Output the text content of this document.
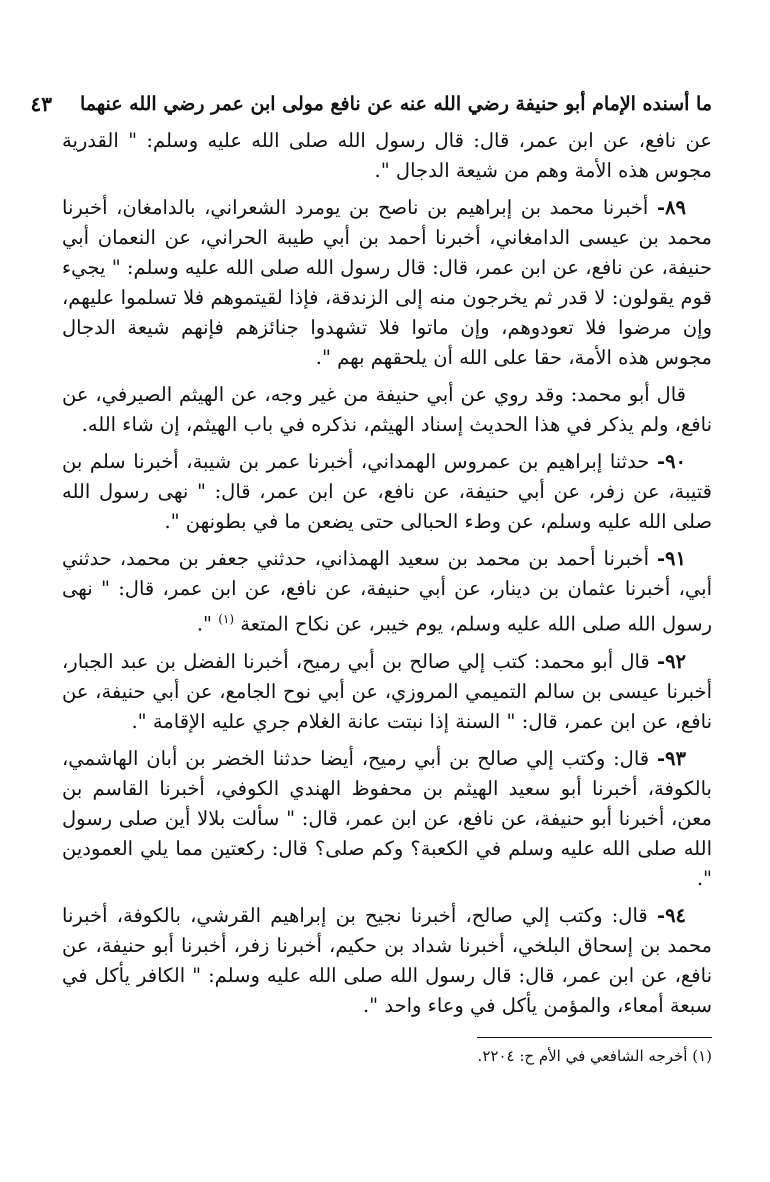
ما أسنده الإمام أبو حنيفة رضي الله عنه عن نافع مولى ابن عمر رضي الله عنهما
٤٣

عن نافع، عن ابن عمر، قال: قال رسول الله صلى الله عليه وسلم: " القدرية مجوس هذه الأمة وهم من شيعة الدجال ".

٨٩- أخبرنا محمد بن إبراهيم بن ناصح بن يومرد الشعراني، بالدامغان، أخبرنا محمد بن عيسى الدامغاني، أخبرنا أحمد بن أبي طيبة الحراني، عن النعمان أبي حنيفة، عن نافع، عن ابن عمر، قال: قال رسول الله صلى الله عليه وسلم: " يجيء قوم يقولون: لا قدر ثم يخرجون منه إلى الزندقة، فإذا لقيتموهم فلا تسلموا عليهم، وإن مرضوا فلا تعودوهم، وإن ماتوا فلا تشهدوا جنائزهم فإنهم شيعة الدجال مجوس هذه الأمة، حقا على الله أن يلحقهم بهم ".

قال أبو محمد: وقد روي عن أبي حنيفة من غير وجه، عن الهيثم الصيرفي، عن نافع، ولم يذكر في هذا الحديث إسناد الهيثم، نذكره في باب الهيثم، إن شاء الله.

٩٠- حدثنا إبراهيم بن عمروس الهمداني، أخبرنا عمر بن شيبة، أخبرنا سلم بن قتيبة، عن زفر، عن أبي حنيفة، عن نافع، عن ابن عمر، قال: " نهى رسول الله صلى الله عليه وسلم، عن وطء الحبالى حتى يضعن ما في بطونهن ".

٩١- أخبرنا أحمد بن محمد بن سعيد الهمذاني، حدثني جعفر بن محمد، حدثني أبي، أخبرنا عثمان بن دينار، عن أبي حنيفة، عن نافع، عن ابن عمر، قال: " نهى رسول الله صلى الله عليه وسلم، يوم خيبر، عن نكاح المتعة $^{(١)}$ ".

٩٢- قال أبو محمد: كتب إلي صالح بن أبي رميح، أخبرنا الفضل بن عبد الجبار، أخبرنا عيسى بن سالم التميمي المروزي، عن أبي نوح الجامع، عن أبي حنيفة، عن نافع، عن ابن عمر، قال: " السنة إذا نبتت عانة الغلام جري عليه الإقامة ".

٩٣- قال: وكتب إلي صالح بن أبي رميح، أيضا حدثنا الخضر بن أبان الهاشمي، بالكوفة، أخبرنا أبو سعيد الهيثم بن محفوظ الهندي الكوفي، أخبرنا القاسم بن معن، أخبرنا أبو حنيفة، عن نافع، عن ابن عمر، قال: " سألت بلالا أين صلى رسول الله صلى الله عليه وسلم في الكعبة؟ وكم صلى؟ قال: ركعتين مما يلي العمودين ".

٩٤- قال: وكتب إلي صالح، أخبرنا نجيح بن إبراهيم القرشي، بالكوفة، أخبرنا محمد بن إسحاق البلخي، أخبرنا شداد بن حكيم، أخبرنا زفر، أخبرنا أبو حنيفة، عن نافع، عن ابن عمر، قال: قال رسول الله صلى الله عليه وسلم: " الكافر يأكل في سبعة أمعاء، والمؤمن يأكل في وعاء واحد ".

(١) أخرجه الشافعي في الأم ح: ٢٢٠٤.
